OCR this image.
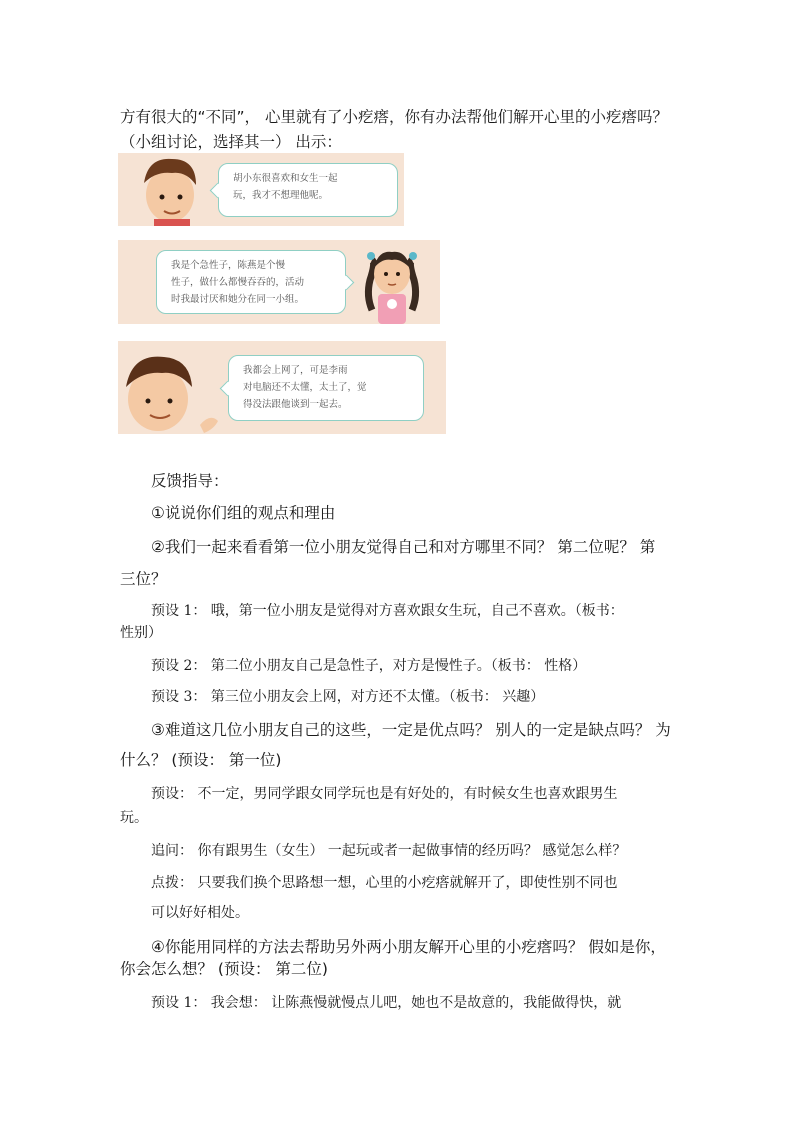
方有很大的“不同”， 心里就有了小疙瘩，你有办法帮他们解开心里的小疙瘩吗？
（小组讨论，选择其一） 出示：
胡小东很喜欢和女生一起
玩，我才不想理他呢。
我是个急性子，陈燕是个慢
性子，做什么都慢吞吞的，活动
时我最讨厌和她分在同一小组。
我都会上网了，可是李雨
对电脑还不太懂，太土了，觉
得没法跟他谈到一起去。
反馈指导：
①说说你们组的观点和理由
②我们一起来看看第一位小朋友觉得自己和对方哪里不同？ 第二位呢？ 第
三位？
预设 1： 哦，第一位小朋友是觉得对方喜欢跟女生玩，自己不喜欢。（板书：
性别）
预设 2： 第二位小朋友自己是急性子，对方是慢性子。（板书： 性格）
预设 3： 第三位小朋友会上网，对方还不太懂。（板书： 兴趣）
③难道这几位小朋友自己的这些，一定是优点吗？ 别人的一定是缺点吗？ 为
什么？ (预设： 第一位)
预设： 不一定，男同学跟女同学玩也是有好处的，有时候女生也喜欢跟男生
玩。
追问： 你有跟男生（女生） 一起玩或者一起做事情的经历吗？ 感觉怎么样？
点拨： 只要我们换个思路想一想，心里的小疙瘩就解开了，即使性别不同也
可以好好相处。
④你能用同样的方法去帮助另外两小朋友解开心里的小疙瘩吗？ 假如是你，
你会怎么想？ (预设： 第二位)
预设 1： 我会想： 让陈燕慢就慢点儿吧，她也不是故意的，我能做得快，就
